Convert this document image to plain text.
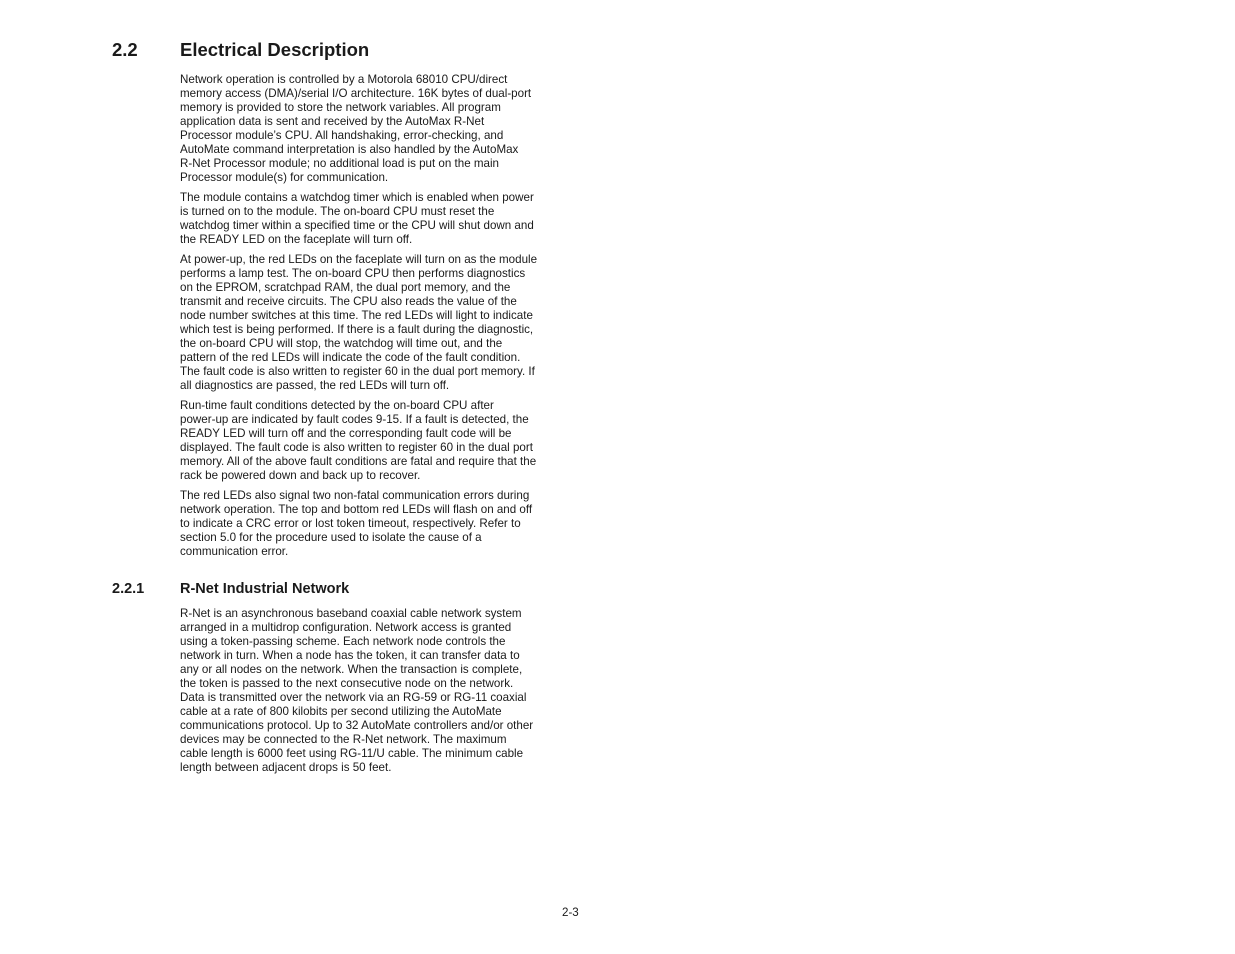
2.2 Electrical Description

Network operation is controlled by a Motorola 68010 CPU/direct
memory access (DMA)/serial I/O architecture. 16K bytes of dual-port
memory is provided to store the network variables. All program
application data is sent and received by the AutoMax R-Net
Processor module’s CPU. All handshaking, error-checking, and
AutoMate command interpretation is also handled by the AutoMax
R-Net Processor module; no additional load is put on the main
Processor module(s) for communication.

The module contains a watchdog timer which is enabled when power
is turned on to the module. The on-board CPU must reset the
watchdog timer within a specified time or the CPU will shut down and
the READY LED on the faceplate will turn off.

At power-up, the red LEDs on the faceplate will turn on as the module
performs a lamp test. The on-board CPU then performs diagnostics
on the EPROM, scratchpad RAM, the dual port memory, and the
transmit and receive circuits. The CPU also reads the value of the
node number switches at this time. The red LEDs will light to indicate
which test is being performed. If there is a fault during the diagnostic,
the on-board CPU will stop, the watchdog will time out, and the
pattern of the red LEDs will indicate the code of the fault condition.
The fault code is also written to register 60 in the dual port memory. If
all diagnostics are passed, the red LEDs will turn off.

Run-time fault conditions detected by the on-board CPU after
power-up are indicated by fault codes 9-15. If a fault is detected, the
READY LED will turn off and the corresponding fault code will be
displayed. The fault code is also written to register 60 in the dual port
memory. All of the above fault conditions are fatal and require that the
rack be powered down and back up to recover.

The red LEDs also signal two non-fatal communication errors during
network operation. The top and bottom red LEDs will flash on and off
to indicate a CRC error or lost token timeout, respectively. Refer to
section 5.0 for the procedure used to isolate the cause of a
communication error.

2.2.1 R-Net Industrial Network

R-Net is an asynchronous baseband coaxial cable network system
arranged in a multidrop configuration. Network access is granted
using a token-passing scheme. Each network node controls the
network in turn. When a node has the token, it can transfer data to
any or all nodes on the network. When the transaction is complete,
the token is passed to the next consecutive node on the network.
Data is transmitted over the network via an RG-59 or RG-11 coaxial
cable at a rate of 800 kilobits per second utilizing the AutoMate
communications protocol. Up to 32 AutoMate controllers and/or other
devices may be connected to the R-Net network. The maximum
cable length is 6000 feet using RG-11/U cable. The minimum cable
length between adjacent drops is 50 feet.

2-3
